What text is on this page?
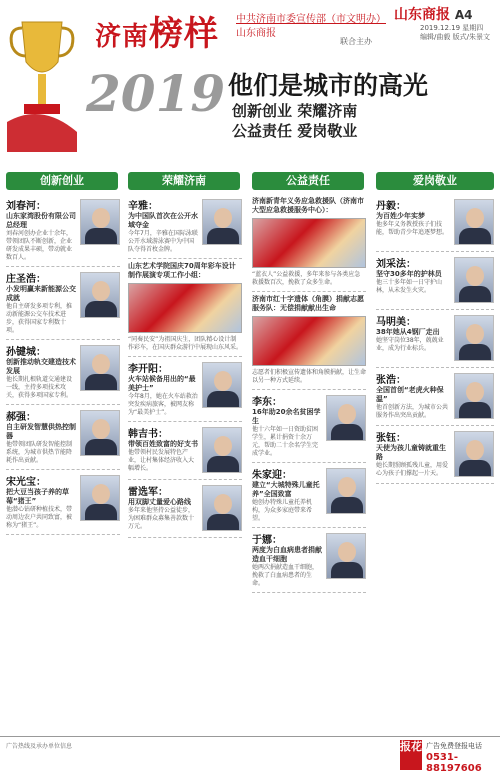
济南榜样 中共济南市委宣传部（市文明办）
山东商报
联合主办
山东商报 A4
2019.12.19 星期四
编辑/曲毅 版式/朱景文
2019 他们是城市的高光
创新创业 荣耀济南
公益责任 爱岗敬业
创新创业	荣耀济南	公益责任	爱岗敬业
刘春河：
山东家湾股份有限公司总经理
刘春河创办企业十余年，带领团队不断创新，企业研发成果丰硕，带动就业数百人。
庄圣浩：
小发明赢来新能源公交成就
他自主研发多项专利，推动新能源公交车技术进步，获得国家专利数十项。
孙键城：
创新推动轨交建造技术发展
他长期扎根轨道交通建设一线，主持多项技术攻关，获得多项国家专利。
郝强：
自主研发智慧供热控制器
他带领团队研发智能控制系统，为城市供热节能降耗作出贡献。
宋光宝：
把大豆当孩子养的草莓“猪王”
他潜心钻研种植技术，带动周边农户共同致富，被称为“猪王”。
辛雅：
为中国队首次在公开水域夺金
今年7月，辛雅在国际泳联公开水域游泳赛中为中国队夺得首枚金牌。
山东艺术学院国庆70周年彩车设计制作展演专项工作小组：
“同奏民安”为祖国庆生，团队精心设计制作彩车，在国庆群众游行中展现山东风采。
李开阳：
火车站候备用出的“最美护士”
今年8月，她在火车站救治突发疾病旅客，被网友称为“最美护士”。
韩吉书：
带领百姓致富的好支书
他带领村民发展特色产业，让村集体经济收入大幅增长。
雷选军：
用双脚丈量爱心路线
多年来他坚持公益徒步，为困难群众募集善款数十万元。
济南新青年义务应急救援队（济南市大型应急救援服务中心）：
“蓝衣人”公益救援，多年来参与各类应急救援数百次，挽救了众多生命。
济南市红十字遗体（角膜）捐献志愿服务队：无偿捐献献出生命
志愿者们积极宣传遗体和角膜捐献，让生命以另一种方式延续。
李东：
16年助20余名贫困学生
他十六年如一日资助贫困学生，累计捐资十余万元，帮助二十余名学生完成学业。
朱家迎：
建立“大城特殊儿童托养”全国致富
她创办特殊儿童托养机构，为众多家庭带来希望。
于娜：
两度为白血病患者捐献造血干细胞
她两次捐献造血干细胞，挽救了白血病患者的生命。
丹毅：
为百姓少年实梦
他多年义务教授孩子们技能，帮助青少年追逐梦想。
刘采法：
坚守30多年的护林员
他三十多年如一日守护山林，从未发生火灾。
马明美：
38年她从4钢厂走出
她坚守岗位38年，兢兢业业，成为行业标兵。
张浩：
全国首创“老虎火种保温”
他首创新方法，为城市公共服务作出突出贡献。
张钰：
天使为孩儿童铸就重生路
她长期照顾孤残儿童，用爱心为孩子们撑起一片天。
广告热线及承办单位信息	报花 广告免费登报电话
0531-88197606
